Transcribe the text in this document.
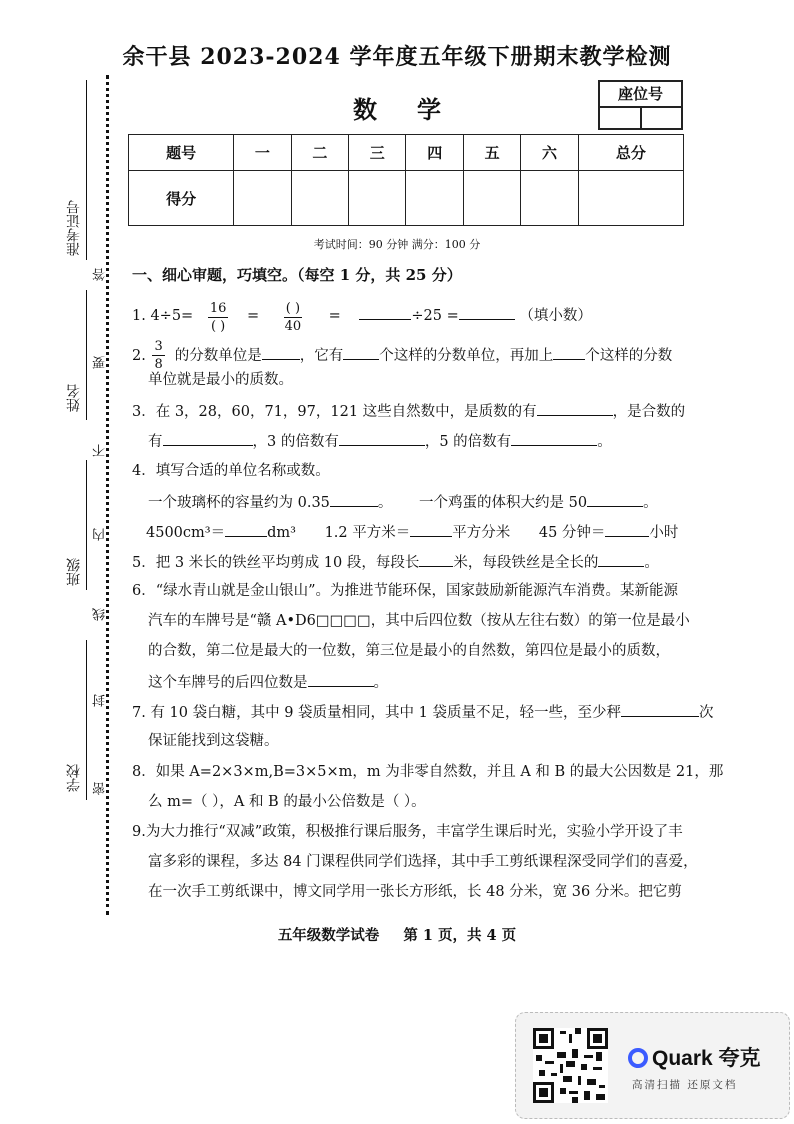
余干县 2023-2024 学年度五年级下册期末教学检测
数学
座位号
题号	一	二	三	四	五	六	总分
得分							
考试时间：90 分钟 满分：100 分
一、细心审题，巧填空。（每空 1 分，共 25 分）
1. $4\div 5= \frac{16}{( )} = \frac{( )}{40}$ =	÷25 =	（填小数）
2. $\frac{3}{8}$ 的分数单位是	，它有 个这样的分数单位，再加上 个这样的分数
单位就是最小的质数。
3．在 3，28，60，71，97，121 这些自然数中，是质数的有	，是合数的
有	，3 的倍数有	，5 的倍数有	。
4．填写合适的单位名称或数。
一个玻璃杯的容量约为 0.35	。 一个鸡蛋的体积大约是 50	。
4500cm³＝	dm³ 1.2 平方米＝	平方分米 45 分钟＝	小时
5．把 3 米长的铁丝平均剪成 10 段，每段长 米，每段铁丝是全长的	。
6．“绿水青山就是金山银山”。为推进节能环保，国家鼓励新能源汽车消费。某新能源
汽车的车牌号是“赣 A•D6□□□□，其中后四位数（按从左往右数）的第一位是最小
的合数，第二位是最大的一位数，第三位是最小的自然数，第四位是最小的质数，
这个车牌号的后四位数是	。
7. 有 10 袋白糖，其中 9 袋质量相同，其中 1 袋质量不足，轻一些，至少秤	次
保证能找到这袋糖。
8．如果 A=2×3×m,B=3×5×m，m 为非零自然数，并且 A 和 B 的最大公因数是 21，那
么 m=（ ），A 和 B 的最小公倍数是（ ）。
9.为大力推行“双减”政策，积极推行课后服务，丰富学生课后时光，实验小学开设了丰
富多彩的课程，多达 84 门课程供同学们选择，其中手工剪纸课程深受同学们的喜爱，
在一次手工剪纸课中，博文同学用一张长方形纸，长 48 分米，宽 36 分米。把它剪
准考证号
姓名
班级
学校
答
要
不
内
线
封
密
五年级数学试卷 第 1 页，共 4 页
Quark 夸克
高清扫描 还原文档
